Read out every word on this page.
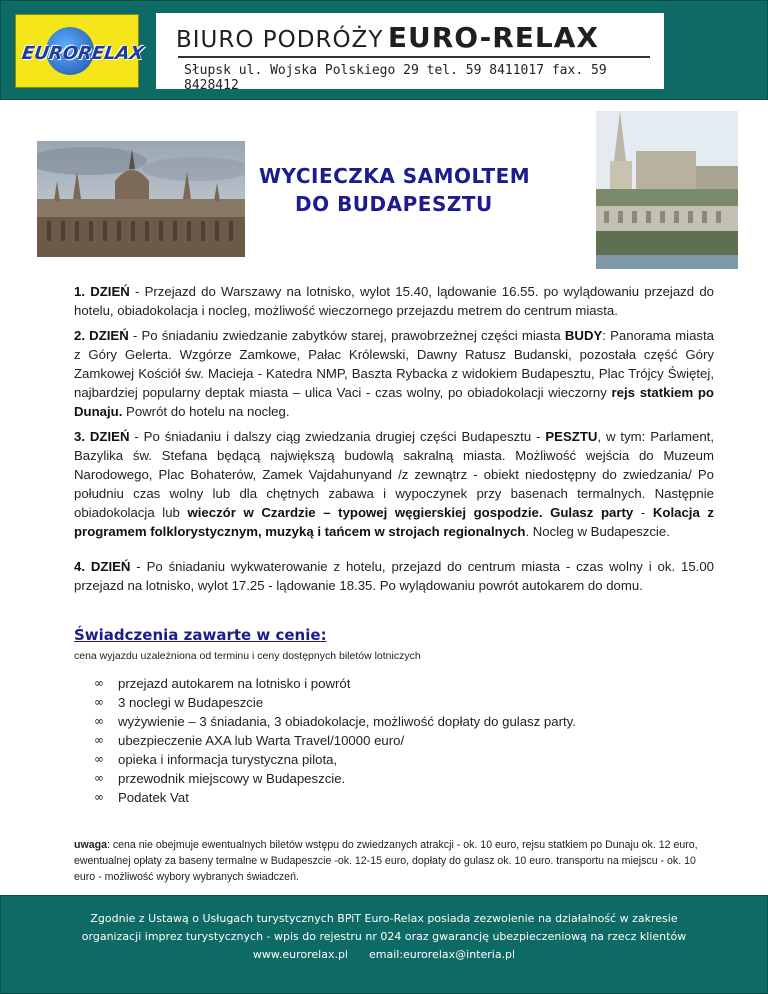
EURORELAX
BIURO PODRÓŻY EURO-RELAX
Słupsk ul. Wojska Polskiego 29 tel. 59 8411017 fax. 59 8428412
WYCIECZKA SAMOLTEM
DO BUDAPESZTU
1. DZIEŃ - Przejazd do Warszawy na lotnisko, wylot 15.40, lądowanie 16.55. po wylądowaniu przejazd do hotelu, obiadokolacja i nocleg, możliwość wieczornego przejazdu metrem do centrum miasta.
2. DZIEŃ - Po śniadaniu zwiedzanie zabytków starej, prawobrzeżnej części miasta BUDY: Panorama miasta z Góry Gelerta. Wzgórze Zamkowe, Pałac Królewski, Dawny Ratusz Budanski, pozostała część Góry Zamkowej Kościół św. Macieja - Katedra NMP, Baszta Rybacka z widokiem Budapesztu, Plac Trójcy Świętej, najbardziej popularny deptak miasta – ulica Vaci - czas wolny, po obiadokolacji wieczorny rejs statkiem po Dunaju. Powrót do hotelu na nocleg.
3. DZIEŃ - Po śniadaniu i dalszy ciąg zwiedzania drugiej części Budapesztu - PESZTU, w tym: Parlament, Bazylika św. Stefana będącą największą budowlą sakralną miasta. Możliwość wejścia do Muzeum Narodowego, Plac Bohaterów, Zamek Vajdahunyand /z zewnątrz - obiekt niedostępny do zwiedzania/ Po południu czas wolny lub dla chętnych zabawa i wypoczynek przy basenach termalnych. Następnie obiadokolacja lub wieczór w Czardzie – typowej węgierskiej gospodzie. Gulasz party - Kolacja z programem folklorystycznym, muzyką i tańcem w strojach regionalnych. Nocleg w Budapeszcie.
4. DZIEŃ - Po śniadaniu wykwaterowanie z hotelu, przejazd do centrum miasta - czas wolny i ok. 15.00 przejazd na lotnisko, wylot 17.25 - lądowanie 18.35. Po wylądowaniu powrót autokarem do domu.
Świadczenia zawarte w cenie:
cena wyjazdu uzależniona od terminu i ceny dostępnych biletów lotniczych
∞	przejazd autokarem na lotnisko i powrót
∞	3 noclegi w Budapeszcie
∞	wyżywienie – 3 śniadania, 3 obiadokolacje, możliwość dopłaty do gulasz party.
∞	ubezpieczenie AXA lub Warta Travel/10000 euro/
∞	opieka i informacja turystyczna pilota,
∞	przewodnik miejscowy w Budapeszcie.
∞	Podatek Vat
uwaga: cena nie obejmuje ewentualnych biletów wstępu do zwiedzanych atrakcji - ok. 10 euro, rejsu statkiem po Dunaju ok. 12 euro, ewentualnej opłaty za baseny termalne w Budapeszcie -ok. 12-15 euro, dopłaty do gulasz ok. 10 euro. transportu na miejscu - ok. 10 euro - możliwość wybory wybranych świadczeń.
Zgodnie z Ustawą o Usługach turystycznych BPiT Euro-Relax posiada zezwolenie na działalność w zakresie
organizacji imprez turystycznych - wpis do rejestru nr 024 oraz gwarancję ubezpieczeniową na rzecz klientów
www.eurorelax.pl email:eurorelax@interia.pl
